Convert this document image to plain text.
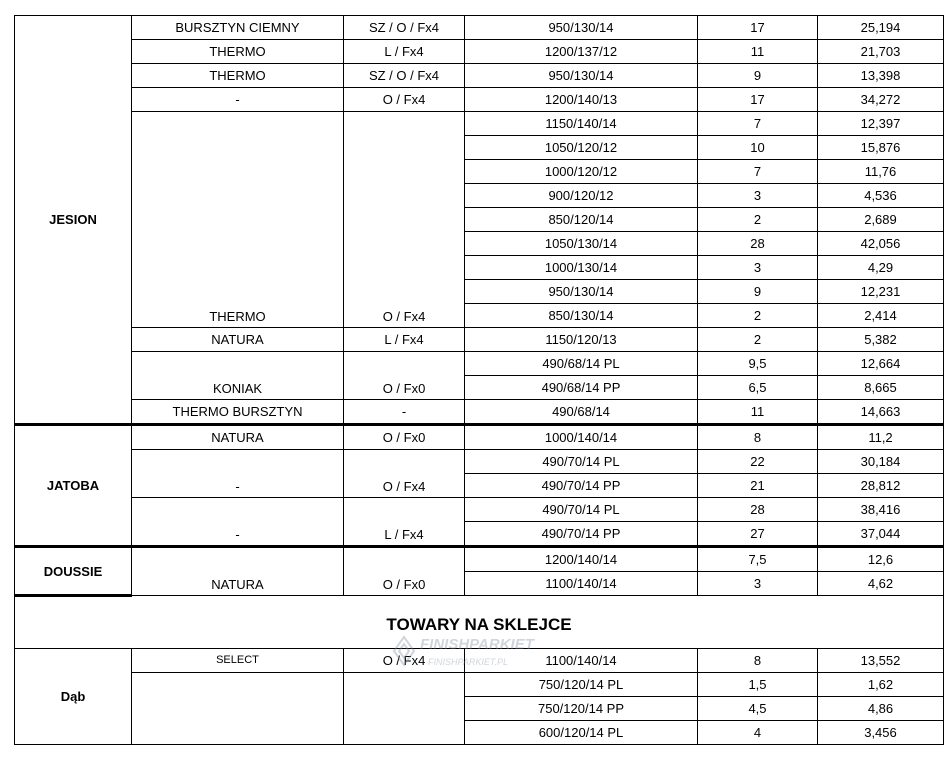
JESION	BURSZTYN CIEMNY	SZ / O / Fx4	950/130/14	17	25,194
	THERMO	L / Fx4	1200/137/12	11	21,703
	THERMO	SZ / O / Fx4	950/130/14	9	13,398
	-	O / Fx4	1200/140/13	17	34,272
	THERMO	O / Fx4	1150/140/14	7	12,397
			1050/120/12	10	15,876
			1000/120/12	7	11,76
			900/120/12	3	4,536
			850/120/14	2	2,689
			1050/130/14	28	42,056
			1000/130/14	3	4,29
			950/130/14	9	12,231
			850/130/14	2	2,414
	NATURA	L / Fx4	1150/120/13	2	5,382
	KONIAK	O / Fx0	490/68/14 PL	9,5	12,664
			490/68/14 PP	6,5	8,665
	THERMO BURSZTYN	-	490/68/14	11	14,663
JATOBA	NATURA	O / Fx0	1000/140/14	8	11,2
	-	O / Fx4	490/70/14 PL	22	30,184
			490/70/14 PP	21	28,812
	-	L / Fx4	490/70/14 PL	28	38,416
			490/70/14 PP	27	37,044
DOUSSIE	NATURA	O / Fx0	1200/140/14	7,5	12,6
			1100/140/14	3	4,62
TOWARY NA SKLEJCE					
Dąb	SELECT	O / Fx4	1100/140/14	8	13,552
			750/120/14 PL	1,5	1,62
			750/120/14 PP	4,5	4,86
			600/120/14 PL	4	3,456
FINISHPARKIET
FINISHPARKIET.PL
